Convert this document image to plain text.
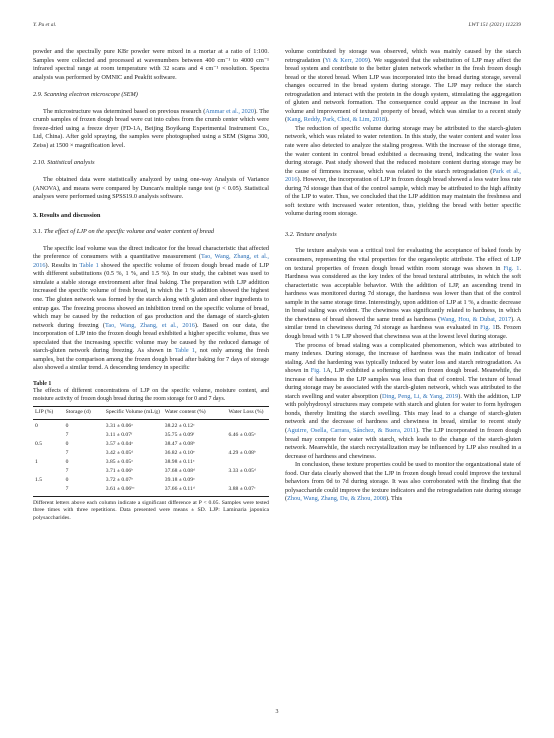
Y. Pu et al.	LWT 151 (2021) 112239

powder and the spectrally pure KBr powder were mixed in a mortar at a ratio of 1:100. Samples were collected and processed at wavenumbers between 400 cm⁻¹ to 4000 cm⁻¹ infrared spectral range at room temperature with 32 scans and 4 cm⁻¹ resolution. Spectra analysis was performed by OMNIC and Peakfit software.

2.9. Scanning electron microscope (SEM)

The microstructure was determined based on previous research (Ammar et al., 2020). The crumb samples of frozen dough bread were cut into cubes from the crumb center which were freeze-dried using a freeze dryer (FD-1A, Beijing Boyikang Experimental Instrument Co., Ltd, China). After gold spraying, the samples were photographed using a SEM (Sigma 300, Zeiss) at 1500 × magnification level.

2.10. Statistical analysis

The obtained data were statistically analyzed by using one-way Analysis of Variance (ANOVA), and means were compared by Duncan's multiple range test (p < 0.05). Statistical analyses were performed using SPSS19.0 analysis software.

3. Results and discussion
3.1. The effect of LJP on the specific volume and water content of bread

The specific loaf volume was the direct indicator for the bread characteristic that affected the preference of consumers with a quantitative measurement (Tao, Wang, Zhang, et al., 2016). Results in Table 1 showed the specific volume of frozen dough bread made of LJP with different substitutions (0.5 %, 1 %, and 1.5 %). In our study, the cabinet was used to simulate a stable storage environment after final baking. The preparation with LJP addition increased the specific volume of fresh bread, in which the 1 % addition showed the highest one. The gluten network was formed by the starch along with gluten and other ingredients to entrap gas. The freezing process showed an inhibition trend on the specific volume of bread, which may be caused by the reduction of gas production and the damage of starch-gluten network during freezing (Tao, Wang, Zhang, et al., 2016). Based on our data, the incorporation of LJP into the frozen dough bread exhibited a higher specific volume, thus we speculated that the increasing specific volume may be caused by the reduced damage of starch-gluten network during freezing. As shown in Table 1, not only among the fresh samples, but the comparison among the frozen dough bread after baking for 7 days of storage also showed a similar trend. A descending tendency in specific

Table 1
The effects of different concentrations of LJP on the specific volume, moisture content, and moisture activity of frozen dough bread during the room storage for 0 and 7 days.
LJP (%)	Storage (d)	Specific Volume (mL/g)	Water content (%)	Water Loss (%)
0	0	3.31 ± 0.06ᵃ	38.22 ± 0.12ᶜ	
	7	3.11 ± 0.07ᶠ	35.75 ± 0.09ᶠ	6.46 ± 0.05ᵃ
0.5	0	3.57 ± 0.04ᵃ	38.47 ± 0.08ᵇ	
	7	3.42 ± 0.05ᵈ	36.82 ± 0.10ᵉ	4.29 ± 0.08ᵇ
1	0	3.85 ± 0.05ᵃ	38.98 ± 0.11ᵃ	
	7	3.71 ± 0.06ᵇ	37.68 ± 0.08ᵈ	3.33 ± 0.05ᵈ
1.5	0	3.72 ± 0.07ᵇ	39.18 ± 0.09ᵃ	
	7	3.61 ± 0.06ᵇᶜ	37.66 ± 0.11ᵈ	3.88 ± 0.07ᶜ
Different letters above each column indicate a significant difference at P < 0.05. Samples were tested three times with three repetitions. Data presented were means ± SD. LJP: Laminaria japonica polysaccharides.

volume contributed by storage was observed, which was mainly caused by the starch retrogradation (Yi & Kerr, 2009). We suggested that the substitution of LJP may affect the bread system and contribute to the better gluten network whether in the fresh frozen dough bread or the stored bread. When LJP was incorporated into the bread during storage, several changes occurred in the bread system during storage. The LJP may reduce the starch retrogradation and interact with the protein in the dough system, stimulating the aggregation of gluten and network formation. The consequence could appear as the increase in loaf volume and improvement of textural property of bread, which was similar to a recent study (Kang, Reddy, Park, Choi, & Lim, 2018).

The reduction of specific volume during storage may be attributed to the starch-gluten network, which was related to water retention. In this study, the water content and water loss rate were also detected to analyze the staling progress. With the increase of the storage time, the water content in control bread exhibited a decreasing trend, indicating the water loss during storage. Past study showed that the reduced moisture content during storage may be the cause of firmness increase, which was related to the starch retrogradation (Park et al., 2016). However, the incorporation of LJP in frozen dough bread showed a less water loss rate during 7d storage than that of the control sample, which may be attributed to the high affinity of the LJP to water. Thus, we concluded that the LJP addition may maintain the freshness and soft texture with increased water retention, thus, yielding the bread with better specific volume during room storage.

3.2. Texture analysis

The texture analysis was a critical tool for evaluating the acceptance of baked foods by consumers, representing the vital properties for the organoleptic attribute. The effect of LJP on textural properties of frozen dough bread within room storage was shown in Fig. 1. Hardness was considered as the key index of the bread textural attributes, in which the soft characteristic was acceptable behavior. With the addition of LJP, an ascending trend in hardness was monitored during 7d storage, the hardness was lower than that of the control sample in the same storage time. Interestingly, upon addition of LJP at 1 %, a drastic decrease in bread staling was evident. The chewiness was significantly related to hardness, in which the chewiness of bread showed the same trend as hardness (Wang, Hou, & Dubat, 2017). A similar trend in chewiness during 7d storage as hardness was evaluated in Fig. 1B. Frozen dough bread with 1 % LJP showed that chewiness was at the lowest level during storage.

The process of bread staling was a complicated phenomenon, which was attributed to many indexes. During storage, the increase of hardness was the main indicator of bread staling. And the hardening was typically induced by water loss and starch retrogradation. As shown in Fig. 1A, LJP exhibited a softening effect on frozen dough bread. Meanwhile, the increase of hardness in the LJP samples was less than that of control. The texture of bread during storage may be associated with the starch-gluten network, which was attributed to the starch swelling and water absorption (Ding, Peng, Li, & Yang, 2019). With the addition, LJP with polyhydroxyl structures may compete with starch and gluten for water to form hydrogen bonds, thereby limiting the starch swelling. This may lead to a change of starch-gluten network and the decrease of hardness and chewiness in bread, similar to recent study (Aguirre, Osella, Carrara, Sánchez, & Buera, 2011). The LJP incorporated in frozen dough bread may compete for water with starch, which leads to the change of the starch-gluten network. Meanwhile, the starch recrystallization may be influenced by LJP also resulted in a decrease of hardness and chewiness.

In conclusion, these texture properties could be used to monitor the organizational state of food. Our data clearly showed that the LJP in frozen dough bread could improve the textural behaviors from 0d to 7d during storage. It was also corroborated with the finding that the polysaccharide could improve the texture indicators and the retrogradation rate during storage (Zhou, Wang, Zhang, Du, & Zhou, 2008). This

3
